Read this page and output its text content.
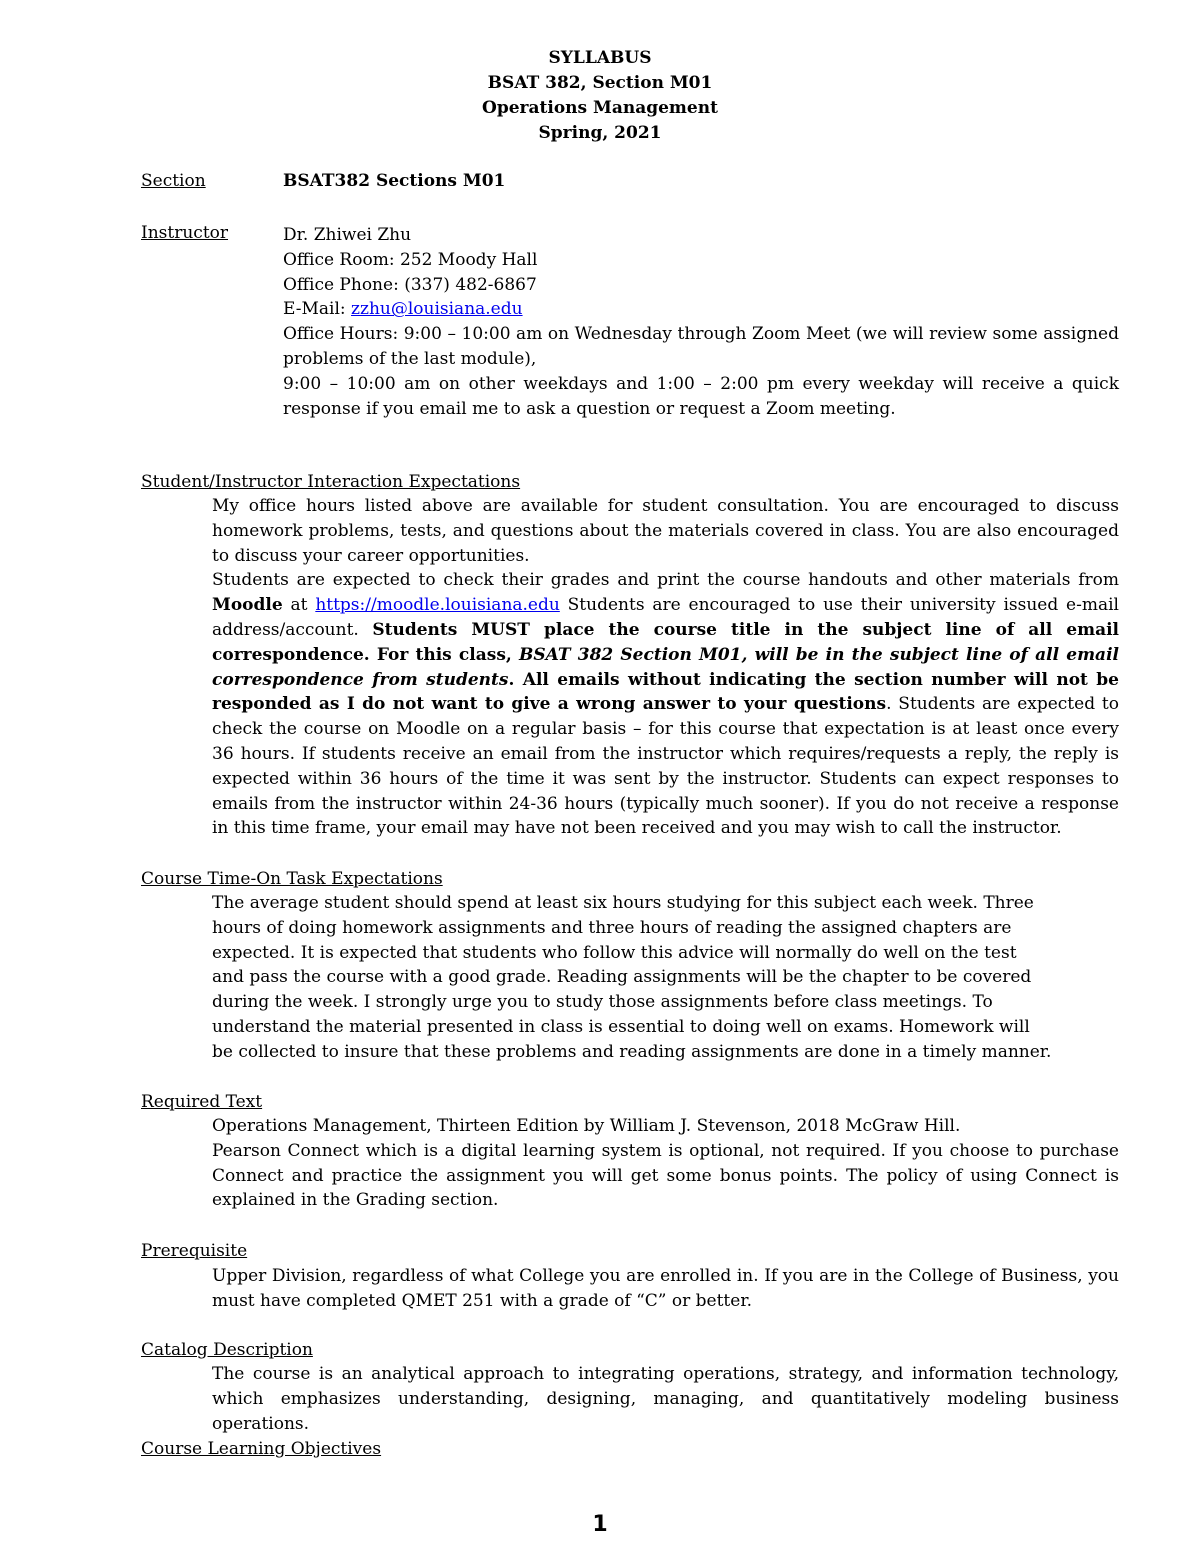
SYLLABUS
BSAT 382, Section M01
Operations Management
Spring, 2021
Section	BSAT382 Sections M01
Instructor	Dr. Zhiwei Zhu
Office Room: 252 Moody Hall
Office Phone: (337) 482-6867
E-Mail: zzhu@louisiana.edu
Office Hours: 9:00 – 10:00 am on Wednesday through Zoom Meet (we will review some assigned problems of the last module),
9:00 – 10:00 am on other weekdays and 1:00 – 2:00 pm every weekday will receive a quick response if you email me to ask a question or request a Zoom meeting.
Student/Instructor Interaction Expectations

My office hours listed above are available for student consultation. You are encouraged to discuss homework problems, tests, and questions about the materials covered in class. You are also encouraged to discuss your career opportunities.

Students are expected to check their grades and print the course handouts and other materials from Moodle at https://moodle.louisiana.edu Students are encouraged to use their university issued e-mail address/account. Students MUST place the course title in the subject line of all email correspondence. For this class, BSAT 382 Section M01, will be in the subject line of all email correspondence from students. All emails without indicating the section number will not be responded as I do not want to give a wrong answer to your questions. Students are expected to check the course on Moodle on a regular basis – for this course that expectation is at least once every 36 hours. If students receive an email from the instructor which requires/requests a reply, the reply is expected within 36 hours of the time it was sent by the instructor. Students can expect responses to emails from the instructor within 24-36 hours (typically much sooner). If you do not receive a response in this time frame, your email may have not been received and you may wish to call the instructor.

Course Time-On Task Expectations
The average student should spend at least six hours studying for this subject each week. Three
hours of doing homework assignments and three hours of reading the assigned chapters are
expected. It is expected that students who follow this advice will normally do well on the test
and pass the course with a good grade. Reading assignments will be the chapter to be covered
during the week. I strongly urge you to study those assignments before class meetings. To
understand the material presented in class is essential to doing well on exams. Homework will
be collected to insure that these problems and reading assignments are done in a timely manner.
Required Text

Operations Management, Thirteen Edition by William J. Stevenson, 2018 McGraw Hill.

Pearson Connect which is a digital learning system is optional, not required. If you choose to purchase Connect and practice the assignment you will get some bonus points. The policy of using Connect is explained in the Grading section.

Prerequisite
Upper Division, regardless of what College you are enrolled in. If you are in the College of Business, you must have completed QMET 251 with a grade of “C” or better.
Catalog Description
The course is an analytical approach to integrating operations, strategy, and information technology, which emphasizes understanding, designing, managing, and quantitatively modeling business operations.
Course Learning Objectives
1
